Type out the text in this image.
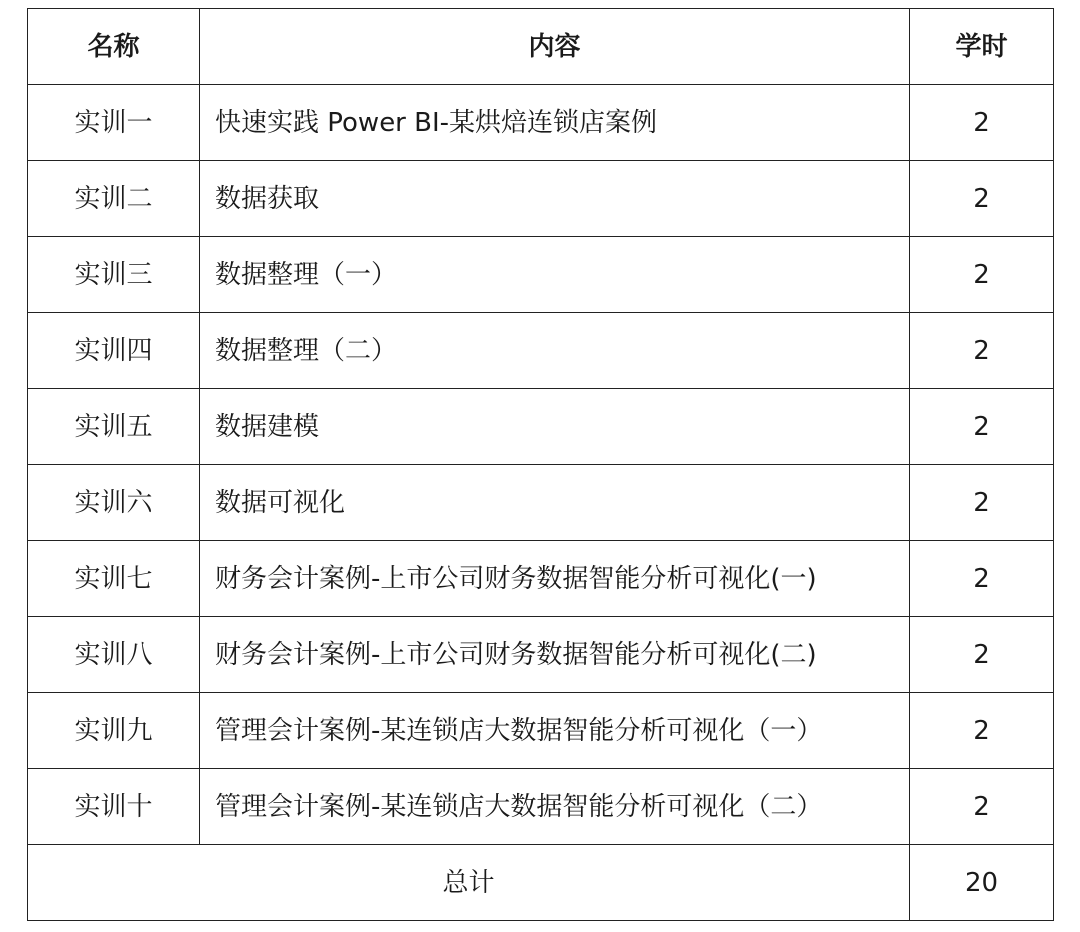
名称	内容	学时
实训一	快速实践 Power BI-某烘焙连锁店案例	2
实训二	数据获取	2
实训三	数据整理（一）	2
实训四	数据整理（二）	2
实训五	数据建模	2
实训六	数据可视化	2
实训七	财务会计案例-上市公司财务数据智能分析可视化(一)	2
实训八	财务会计案例-上市公司财务数据智能分析可视化(二)	2
实训九	管理会计案例-某连锁店大数据智能分析可视化（一）	2
实训十	管理会计案例-某连锁店大数据智能分析可视化（二）	2
总计		20
